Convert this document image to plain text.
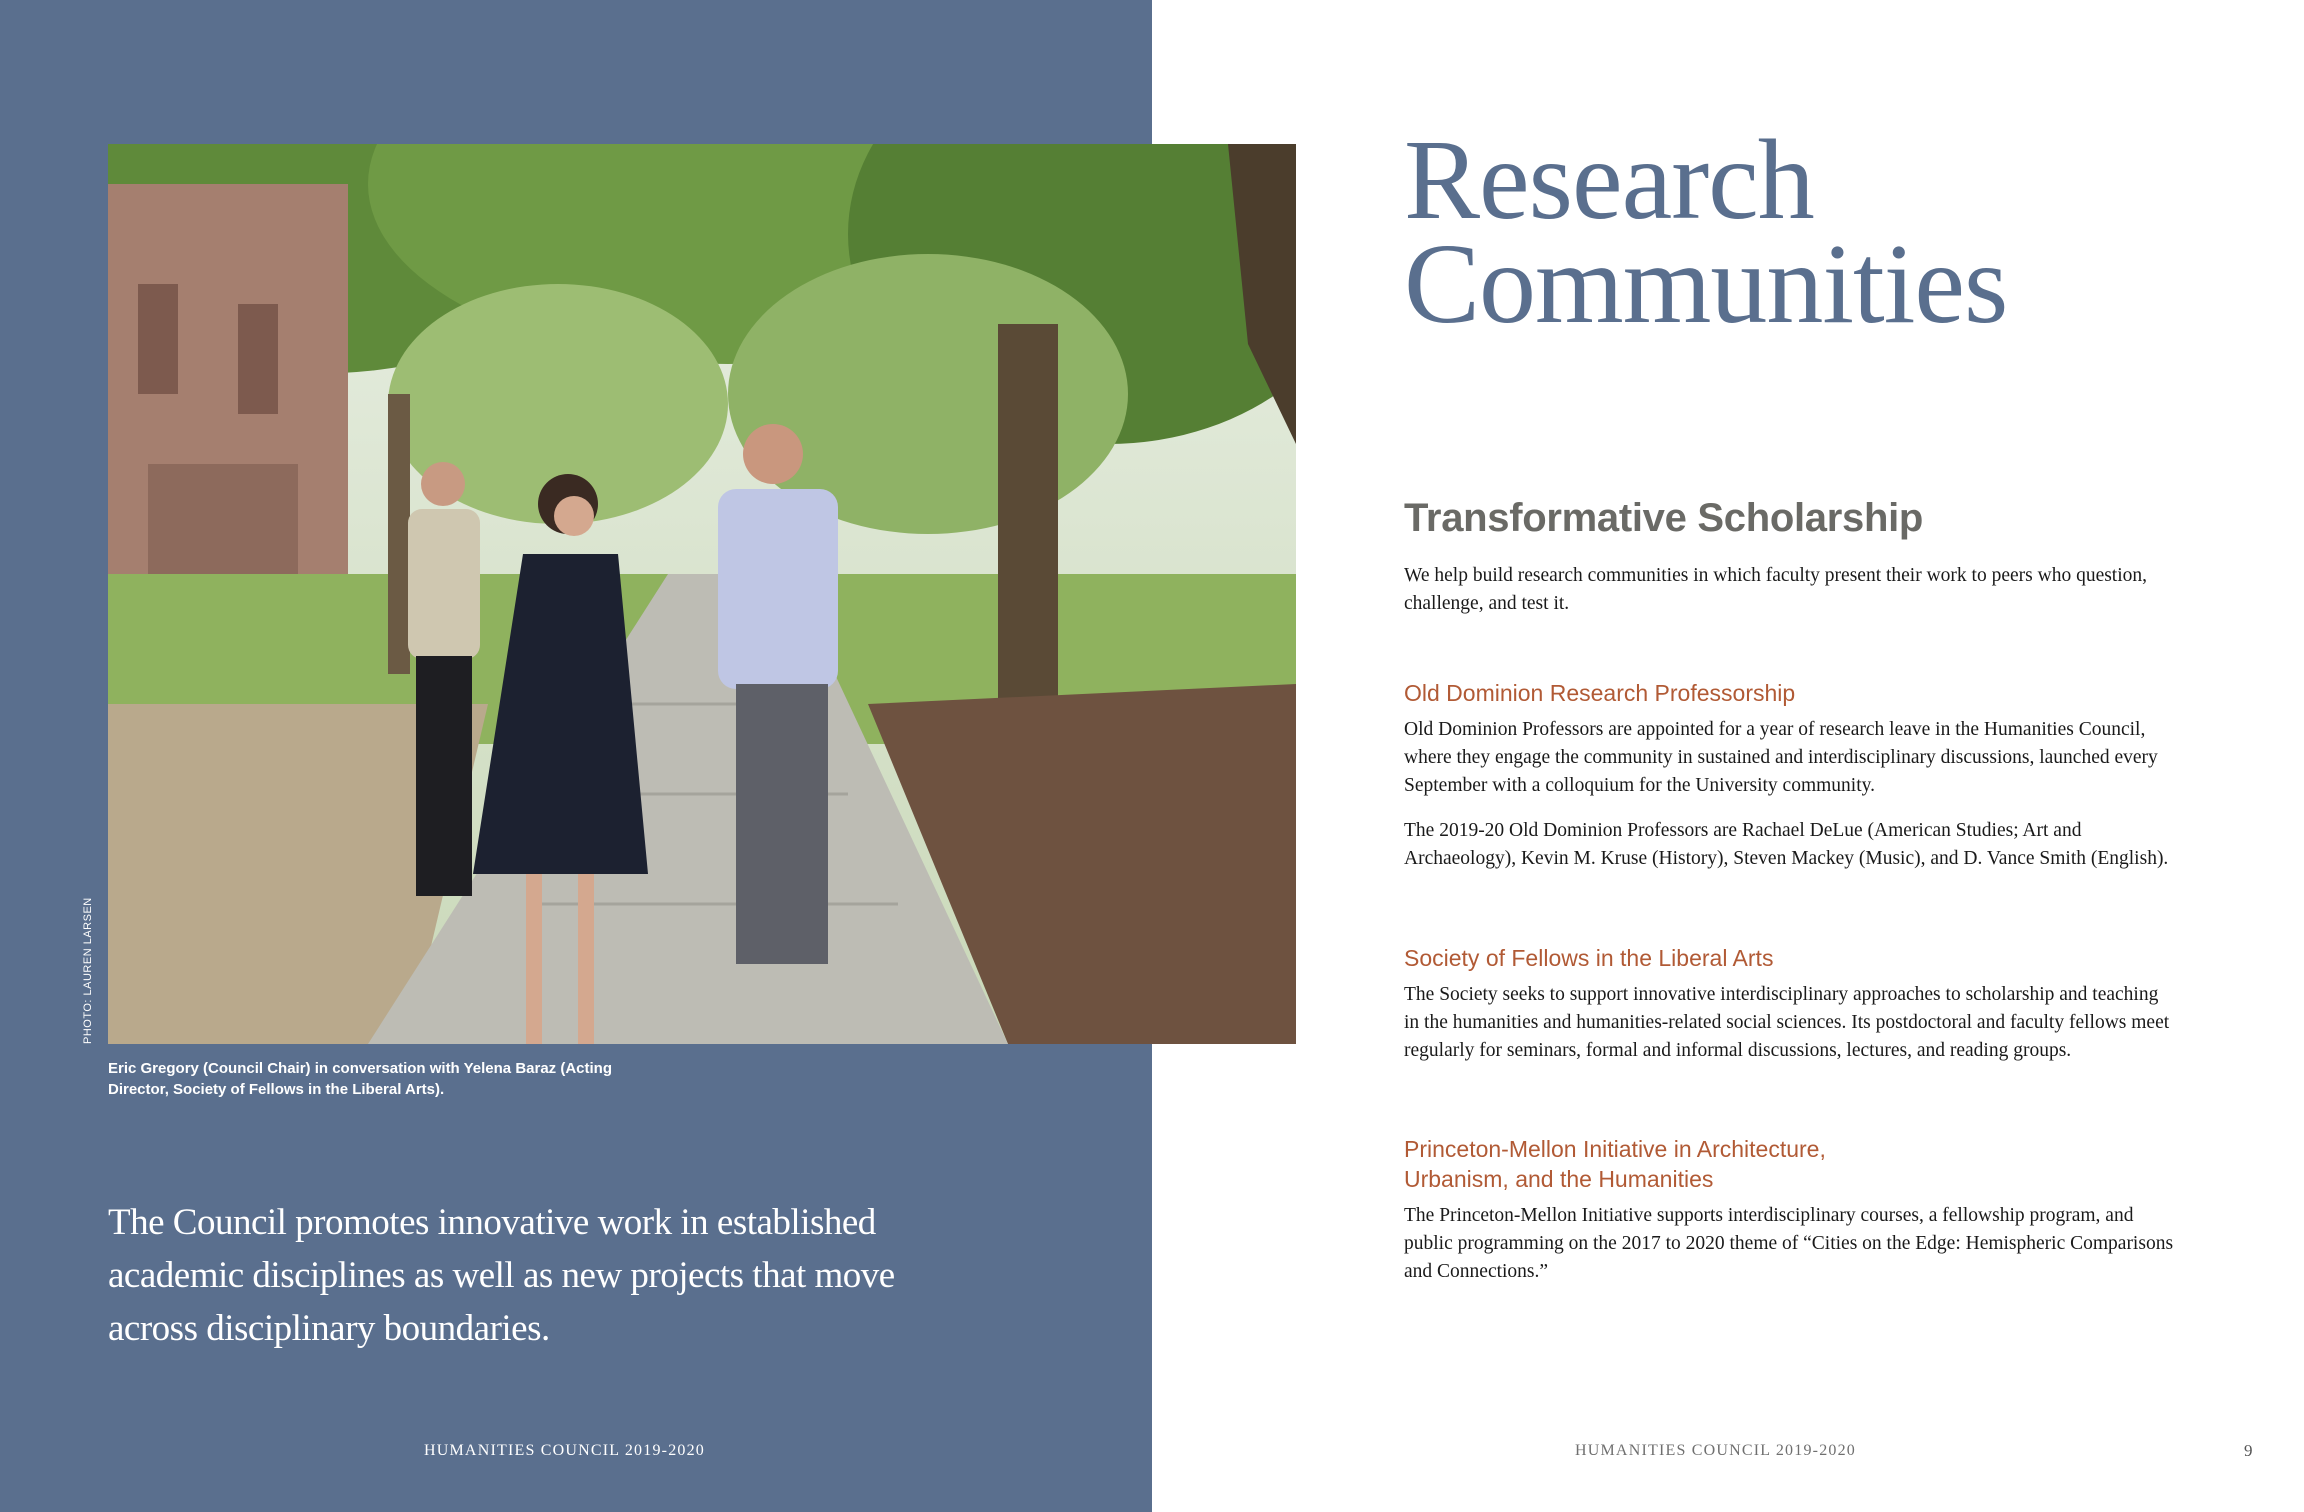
PHOTO: LAUREN LARSEN
Eric Gregory (Council Chair) in conversation with Yelena Baraz (Acting Director, Society of Fellows in the Liberal Arts).
The Council promotes innovative work in established academic disciplines as well as new projects that move across disciplinary boundaries.
HUMANITIES COUNCIL 2019-2020
Research
Communities
Transformative Scholarship

We help build research communities in which faculty present their work to peers who question, challenge, and test it.

Old Dominion Research Professorship

Old Dominion Professors are appointed for a year of research leave in the Humanities Council, where they engage the community in sustained and interdisciplinary discussions, launched every September with a colloquium for the University community.

The 2019-20 Old Dominion Professors are Rachael DeLue (American Studies; Art and Archaeology), Kevin M. Kruse (History), Steven Mackey (Music), and D. Vance Smith (English).

Society of Fellows in the Liberal Arts

The Society seeks to support innovative interdisciplinary approaches to scholarship and teaching in the humanities and humanities-related social sciences. Its postdoctoral and faculty fellows meet regularly for seminars, formal and informal discussions, lectures, and reading groups.

Princeton-Mellon Initiative in Architecture,
Urbanism, and the Humanities

The Princeton-Mellon Initiative supports interdisciplinary courses, a fellowship program, and public programming on the 2017 to 2020 theme of “Cities on the Edge: Hemispheric Comparisons and Connections.”

HUMANITIES COUNCIL 2019-2020	9
